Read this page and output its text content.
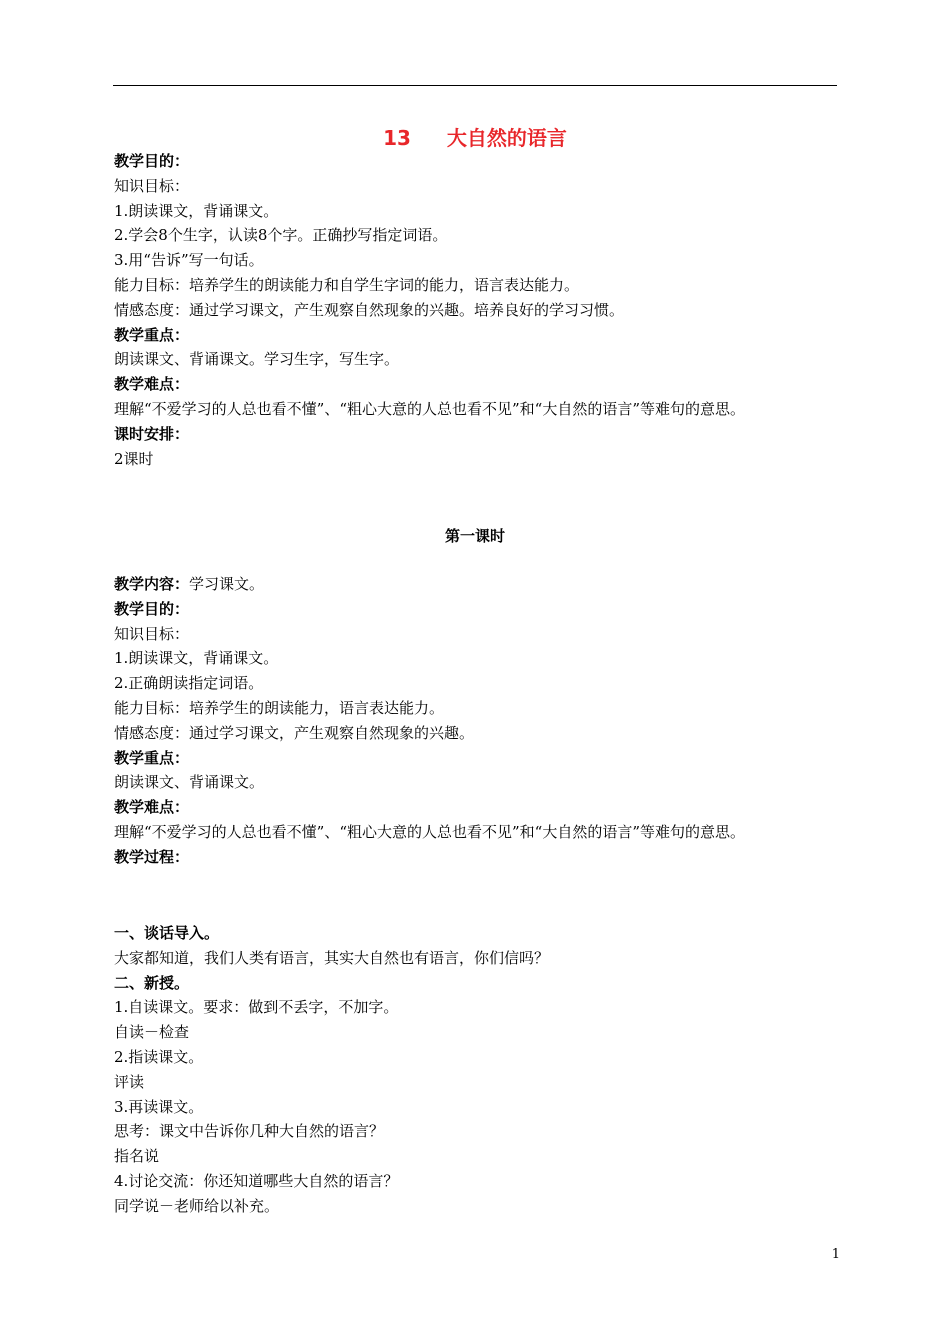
13 大自然的语言
教学目的：
知识目标：
1.朗读课文，背诵课文。
2.学会8个生字，认读8个字。正确抄写指定词语。
3.用“告诉”写一句话。
能力目标：培养学生的朗读能力和自学生字词的能力，语言表达能力。
情感态度：通过学习课文，产生观察自然现象的兴趣。培养良好的学习习惯。
教学重点：
朗读课文、背诵课文。学习生字，写生字。
教学难点：
理解“不爱学习的人总也看不懂”、“粗心大意的人总也看不见”和“大自然的语言”等难句的意思。
课时安排：
2课时
第一课时
教学内容：学习课文。
教学目的：
知识目标：
1.朗读课文，背诵课文。
2.正确朗读指定词语。
能力目标：培养学生的朗读能力，语言表达能力。
情感态度：通过学习课文，产生观察自然现象的兴趣。
教学重点：
朗读课文、背诵课文。
教学难点：
理解“不爱学习的人总也看不懂”、“粗心大意的人总也看不见”和“大自然的语言”等难句的意思。
教学过程：
一、谈话导入。
大家都知道，我们人类有语言，其实大自然也有语言，你们信吗？
二、新授。
1.自读课文。要求：做到不丢字，不加字。
自读－检查
2.指读课文。
评读
3.再读课文。
思考：课文中告诉你几种大自然的语言？
指名说
4.讨论交流：你还知道哪些大自然的语言？
同学说－老师给以补充。
1
